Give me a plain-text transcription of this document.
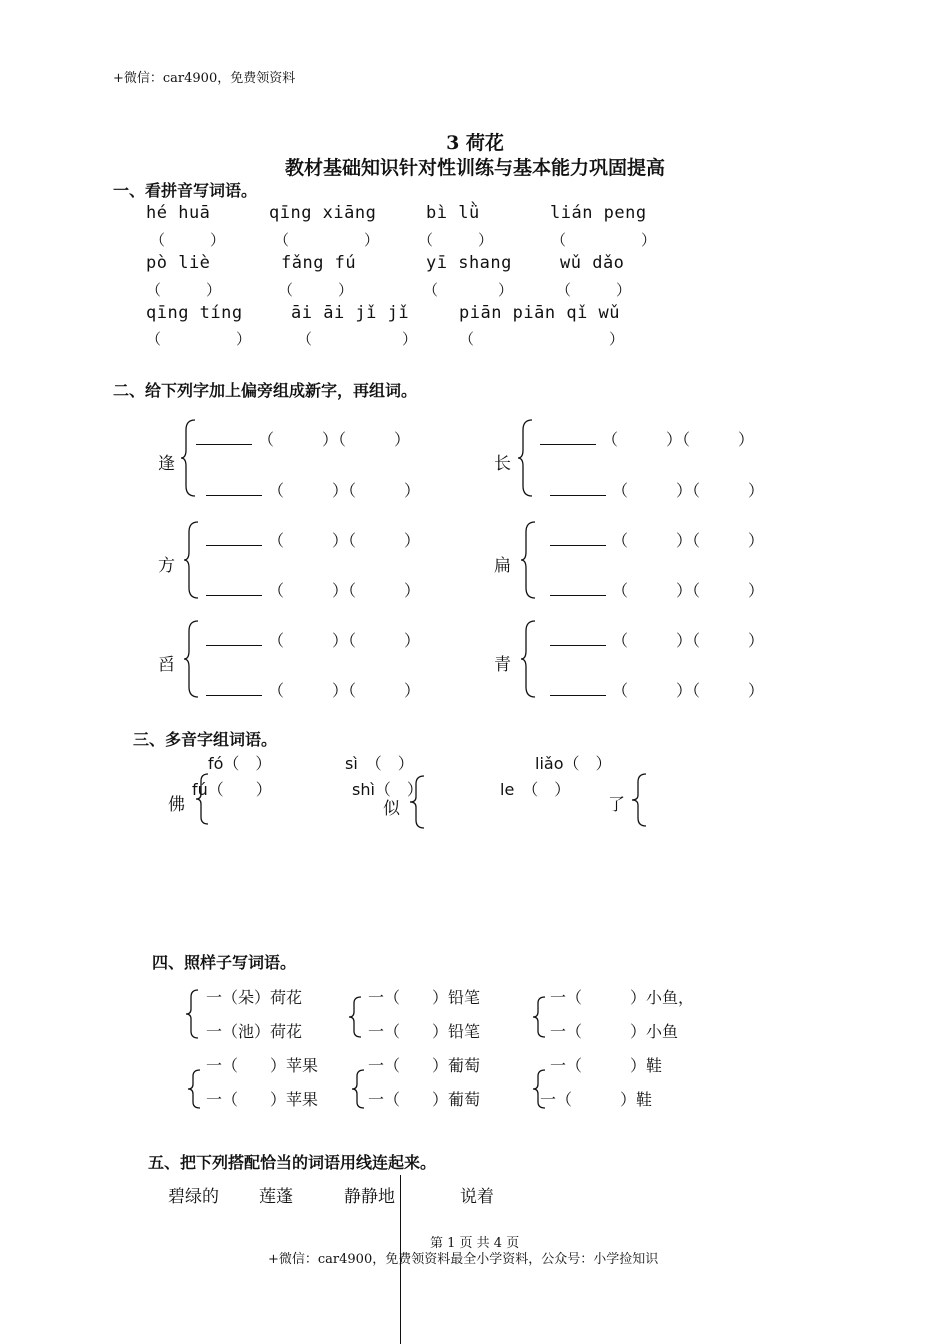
+微信：car4900，免费领资料
3 荷花
教材基础知识针对性训练与基本能力巩固提高
一、看拼音写词语。
hé huā	qīng xiāng	bì lǜ	lián peng
（　　　）	（　　　　　）	（　　　）	（　　　　　）
pò liè	fǎng fú	yī shang	wǔ dǎo
（　　　）	（　　　）	（　　　　）	（　　　）
qīng tíng	āi āi jǐ jǐ	piān piān qǐ wǔ
（　　　　　）	（　　　　　　）	（　　　　　　　　　）
二、给下列字加上偏旁组成新字，再组词。
逢
（　　　）（　　　）
（　　　）（　　　）
方
（　　　）（　　　）
（　　　）（　　　）
舀
（　　　）（　　　）
（　　　）（　　　）
长
（　　　）（　　　）
（　　　）（　　　）
扁
（　　　）（　　　）
（　　　）（　　　）
青
（　　　）（　　　）
（　　　）（　　　）
三、多音字组词语。
fó（　）
fú（　　）
佛
sì　（　）
shì（　）
似
liǎo（　）
le　（　）
了
四、照样子写词语。
一（朵）荷花	一（　　）铅笔	一（　　　）小鱼，
一（池）荷花	一（　　）铅笔	一（　　　）小鱼
一（　　）苹果	一（　　）葡萄	一（　　　）鞋
一（　　）苹果	一（　　）葡萄	一（　　　）鞋
五、把下列搭配恰当的词语用线连起来。
碧绿的 莲蓬	静静地	说着
第 1 页 共 4 页
+微信：car4900，免费领资料最全小学资料，公众号：小学捡知识
